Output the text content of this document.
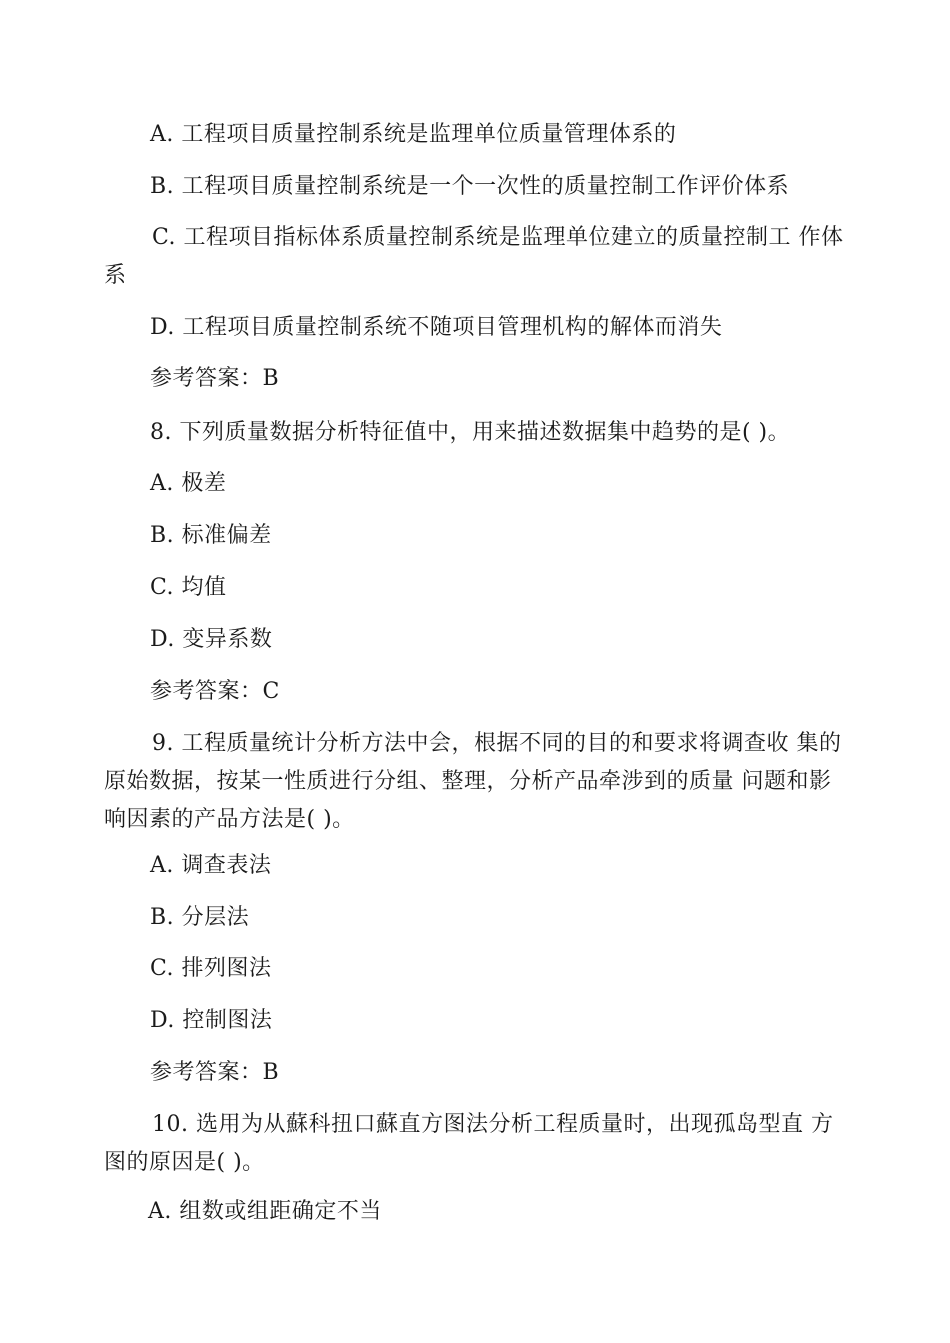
A. 工程项目质量控制系统是监理单位质量管理体系的
B. 工程项目质量控制系统是一个一次性的质量控制工作评价体系
C. 工程项目指标体系质量控制系统是监理单位建立的质量控制工 作体系
D. 工程项目质量控制系统不随项目管理机构的解体而消失
参考答案：B
8. 下列质量数据分析特征值中，用来描述数据集中趋势的是( )。
A. 极差
B. 标准偏差
C. 均值
D. 变异系数
参考答案：C
9. 工程质量统计分析方法中会，根据不同的目的和要求将调查收 集的原始数据，按某一性质进行分组、整理，分析产品牵涉到的质量 问题和影响因素的产品方法是( )。
A. 调查表法
B. 分层法
C. 排列图法
D. 控制图法
参考答案：B
10. 选用为从蘇科扭口蘇直方图法分析工程质量时，出现孤岛型直 方图的原因是( )。
A. 组数或组距确定不当
